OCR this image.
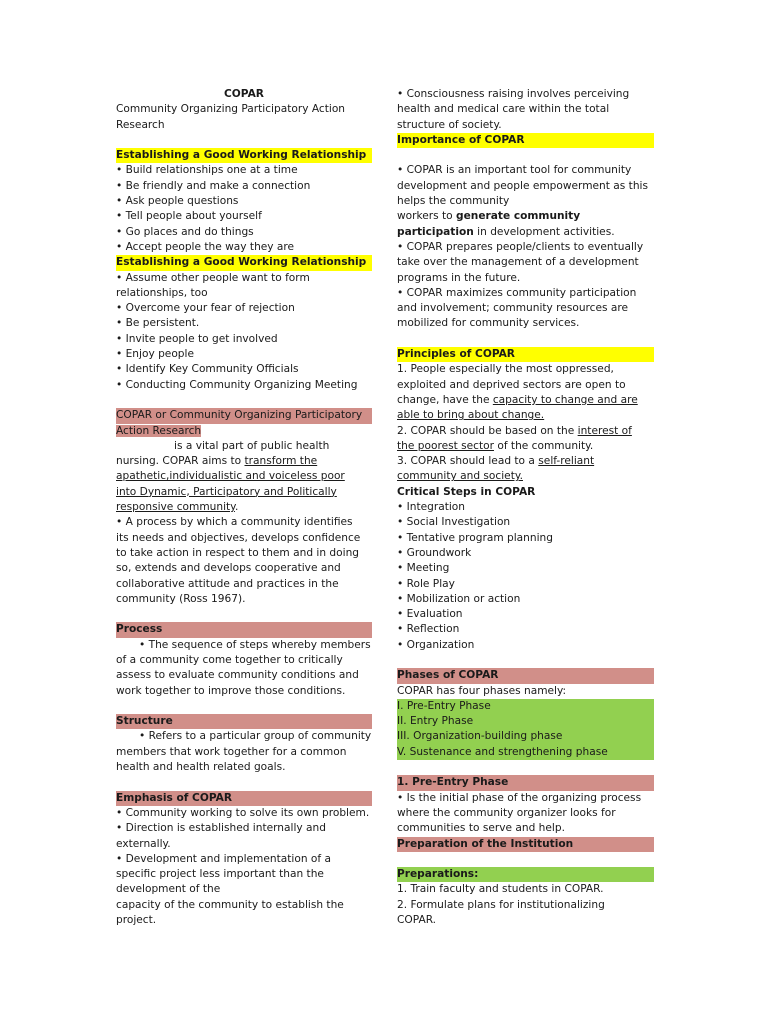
COPAR

Community Organizing Participatory Action

Research

Establishing a Good Working Relationship

• Build relationships one at a time

• Be friendly and make a connection

• Ask people questions

• Tell people about yourself

• Go places and do things

• Accept people the way they are

Establishing a Good Working Relationship

• Assume other people want to form

relationships, too

• Overcome your fear of rejection

• Be persistent.

• Invite people to get involved

• Enjoy people

• Identify Key Community Officials

• Conducting Community Organizing Meeting

COPAR or Community Organizing Participatory

Action Research

is a vital part of public health

nursing. COPAR aims to transform the

apathetic,individualistic and voiceless poor

into Dynamic, Participatory and Politically

responsive community.

• A process by which a community identifies

its needs and objectives, develops confidence

to take action in respect to them and in doing

so, extends and develops cooperative and

collaborative attitude and practices in the

community (Ross 1967).

Process

• The sequence of steps whereby members

of a community come together to critically

assess to evaluate community conditions and

work together to improve those conditions.

Structure

• Refers to a particular group of community

members that work together for a common

health and health related goals.

Emphasis of COPAR

• Community working to solve its own problem.

• Direction is established internally and

externally.

• Development and implementation of a

specific project less important than the

development of the

capacity of the community to establish the

project.

• Consciousness raising involves perceiving

health and medical care within the total

structure of society.

Importance of COPAR

• COPAR is an important tool for community

development and people empowerment as this

helps the community

workers to generate community

participation in development activities.

• COPAR prepares people/clients to eventually

take over the management of a development

programs in the future.

• COPAR maximizes community participation

and involvement; community resources are

mobilized for community services.

Principles of COPAR

1. People especially the most oppressed,

exploited and deprived sectors are open to

change, have the capacity to change and are

able to bring about change.

2. COPAR should be based on the interest of

the poorest sector of the community.

3. COPAR should lead to a self-reliant

community and society.

Critical Steps in COPAR

• Integration

• Social Investigation

• Tentative program planning

• Groundwork

• Meeting

• Role Play

• Mobilization or action

• Evaluation

• Reflection

• Organization

Phases of COPAR

COPAR has four phases namely:

I. Pre-Entry Phase

II. Entry Phase

III. Organization-building phase

V. Sustenance and strengthening phase

1. Pre-Entry Phase

• Is the initial phase of the organizing process

where the community organizer looks for

communities to serve and help.

Preparation of the Institution

Preparations:

1. Train faculty and students in COPAR.

2. Formulate plans for institutionalizing

COPAR.
